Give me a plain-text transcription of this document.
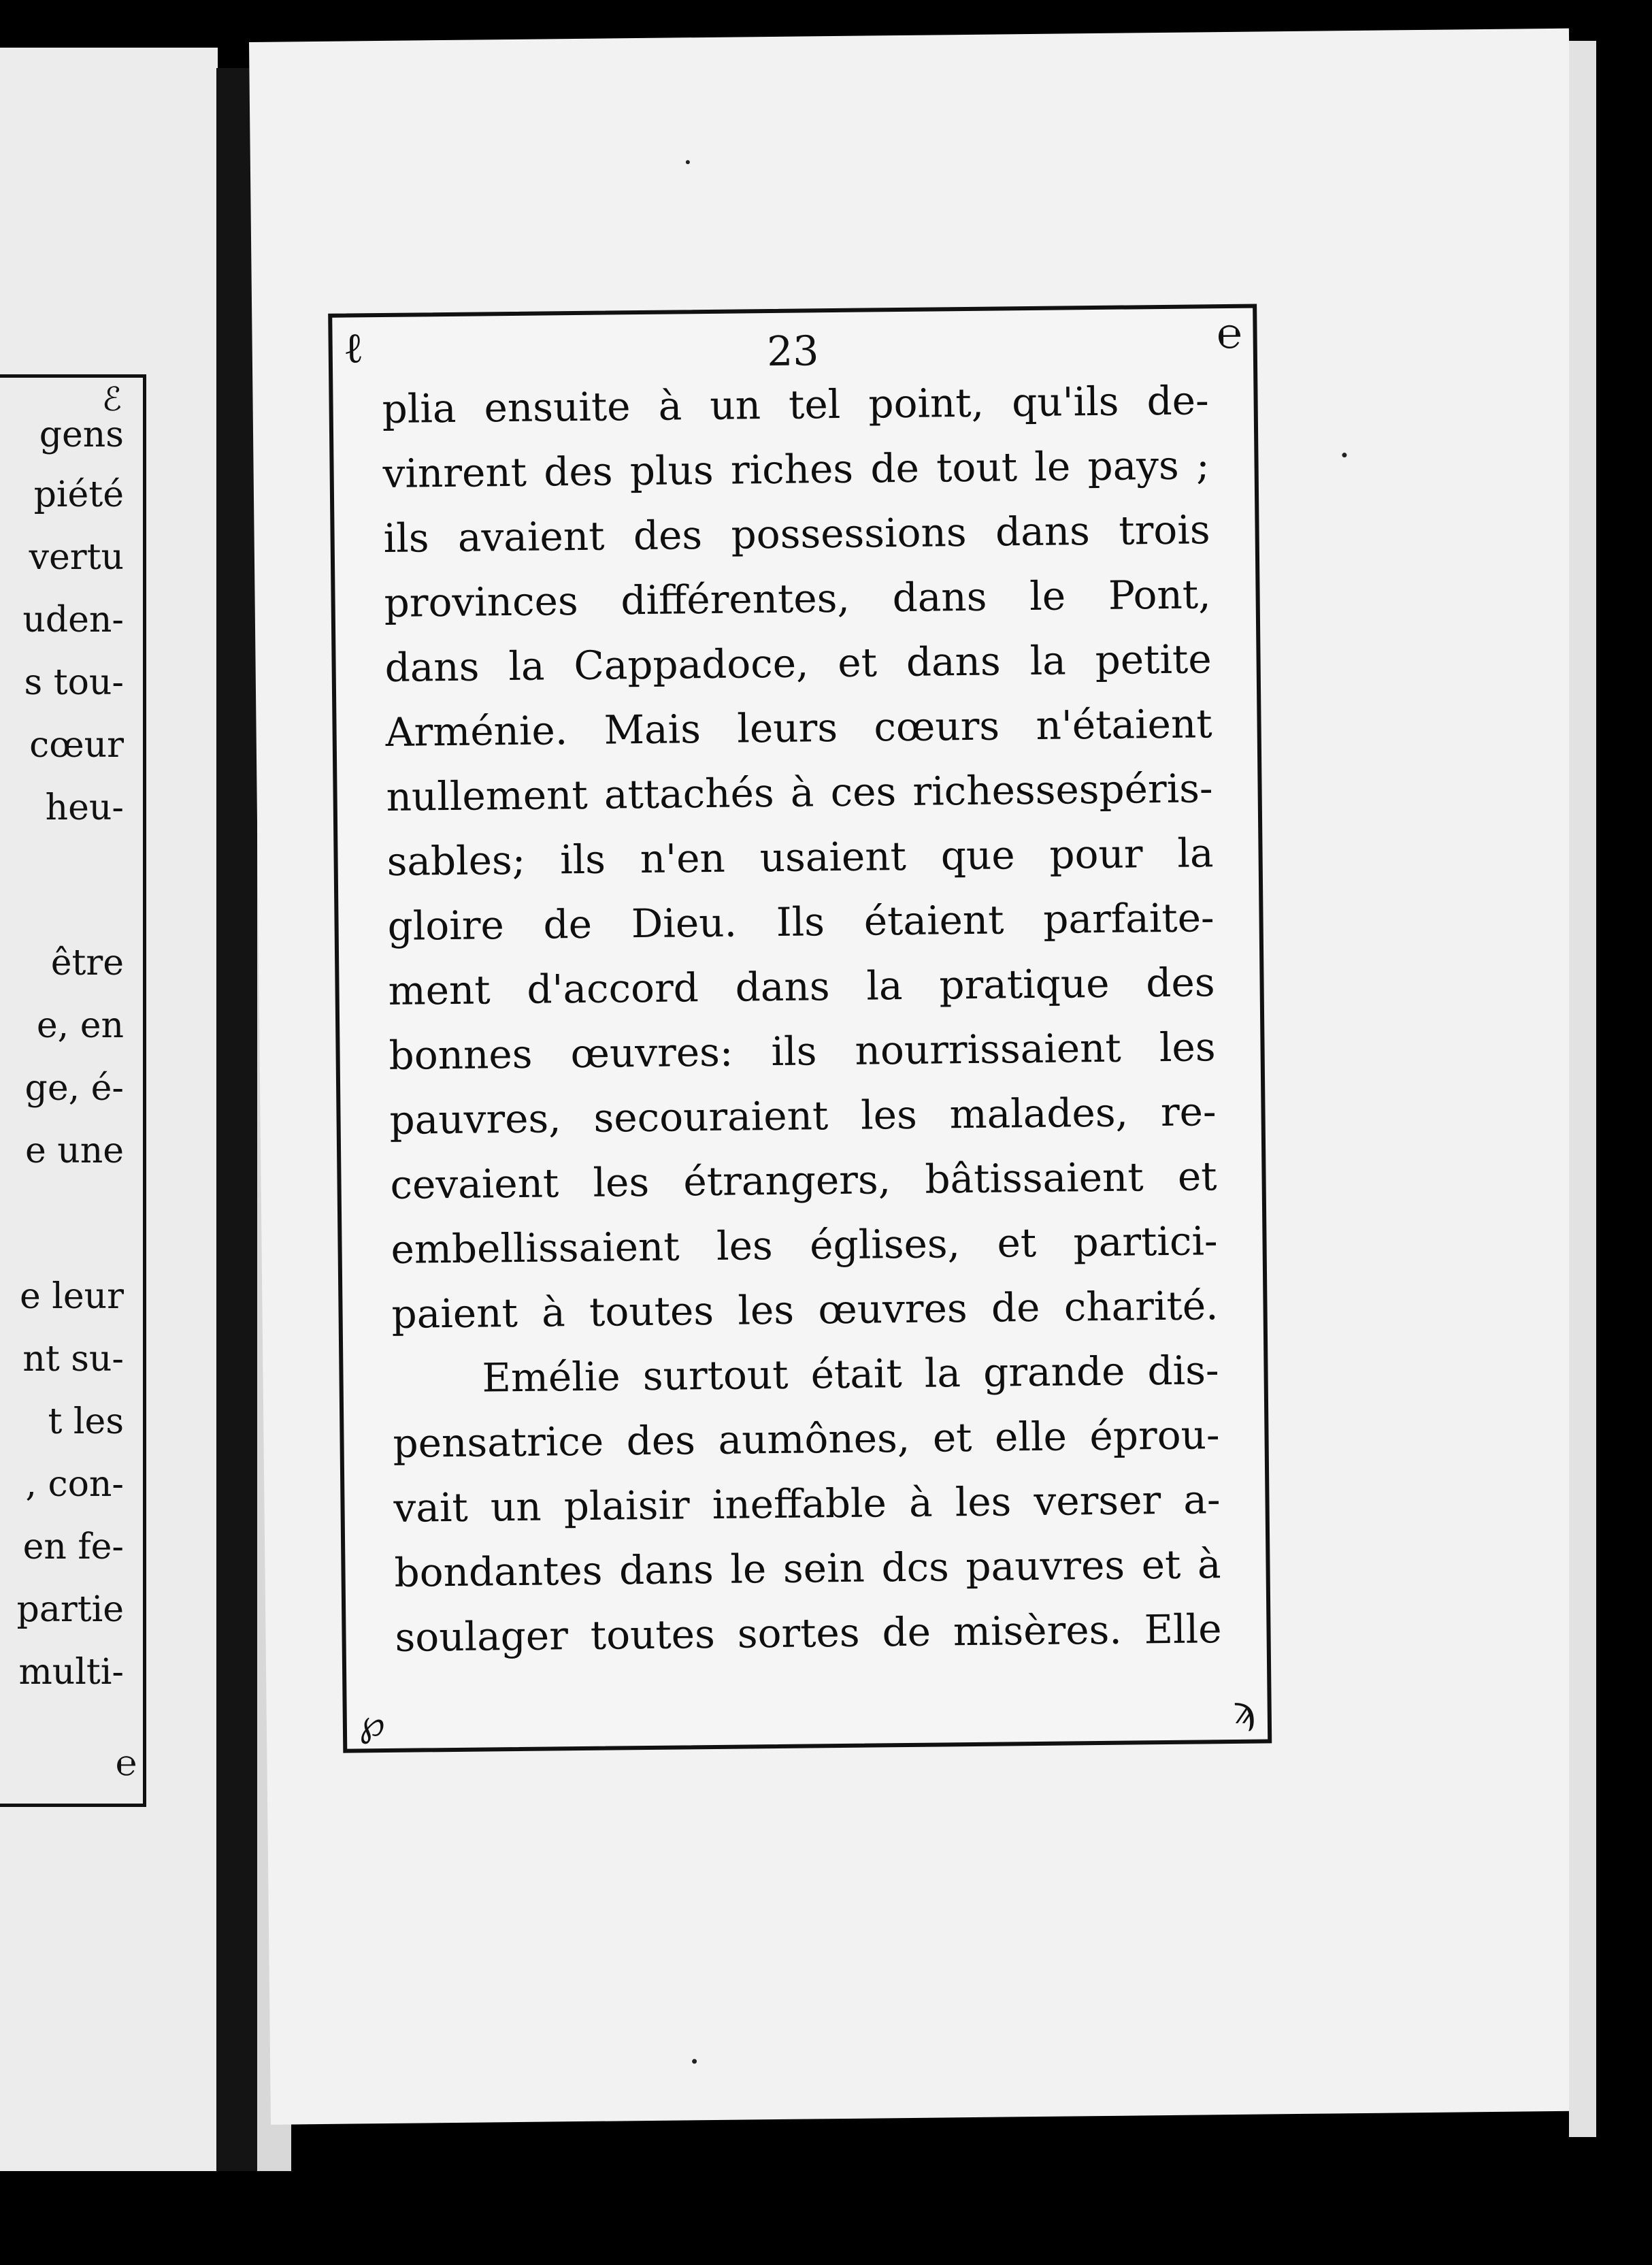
ℰ
gens
piété
vertu
uden-
s tou-
cœur
heu-
être
e, en
ge, é-
e une
e leur
nt su-
t les
, con-
en fe-
partie
multi-
℮
ℓ	℮
℘	ϡ
23
plia ensuite à un tel point, qu'ils de-
vinrent des plus riches de tout le pays ;
ils avaient des possessions dans trois
provinces différentes, dans le Pont,
dans la Cappadoce, et dans la petite
Arménie. Mais leurs cœurs n'étaient
nullement attachés à ces richessespéris-
sables; ils n'en usaient que pour la
gloire de Dieu. Ils étaient parfaite-
ment d'accord dans la pratique des
bonnes œuvres: ils nourrissaient les
pauvres, secouraient les malades, re-
cevaient les étrangers, bâtissaient et
embellissaient les églises, et partici-
paient à toutes les œuvres de charité.
Emélie surtout était la grande dis-
pensatrice des aumônes, et elle éprou-
vait un plaisir ineffable à les verser a-
bondantes dans le sein dcs pauvres et à
soulager toutes sortes de misères. Elle
